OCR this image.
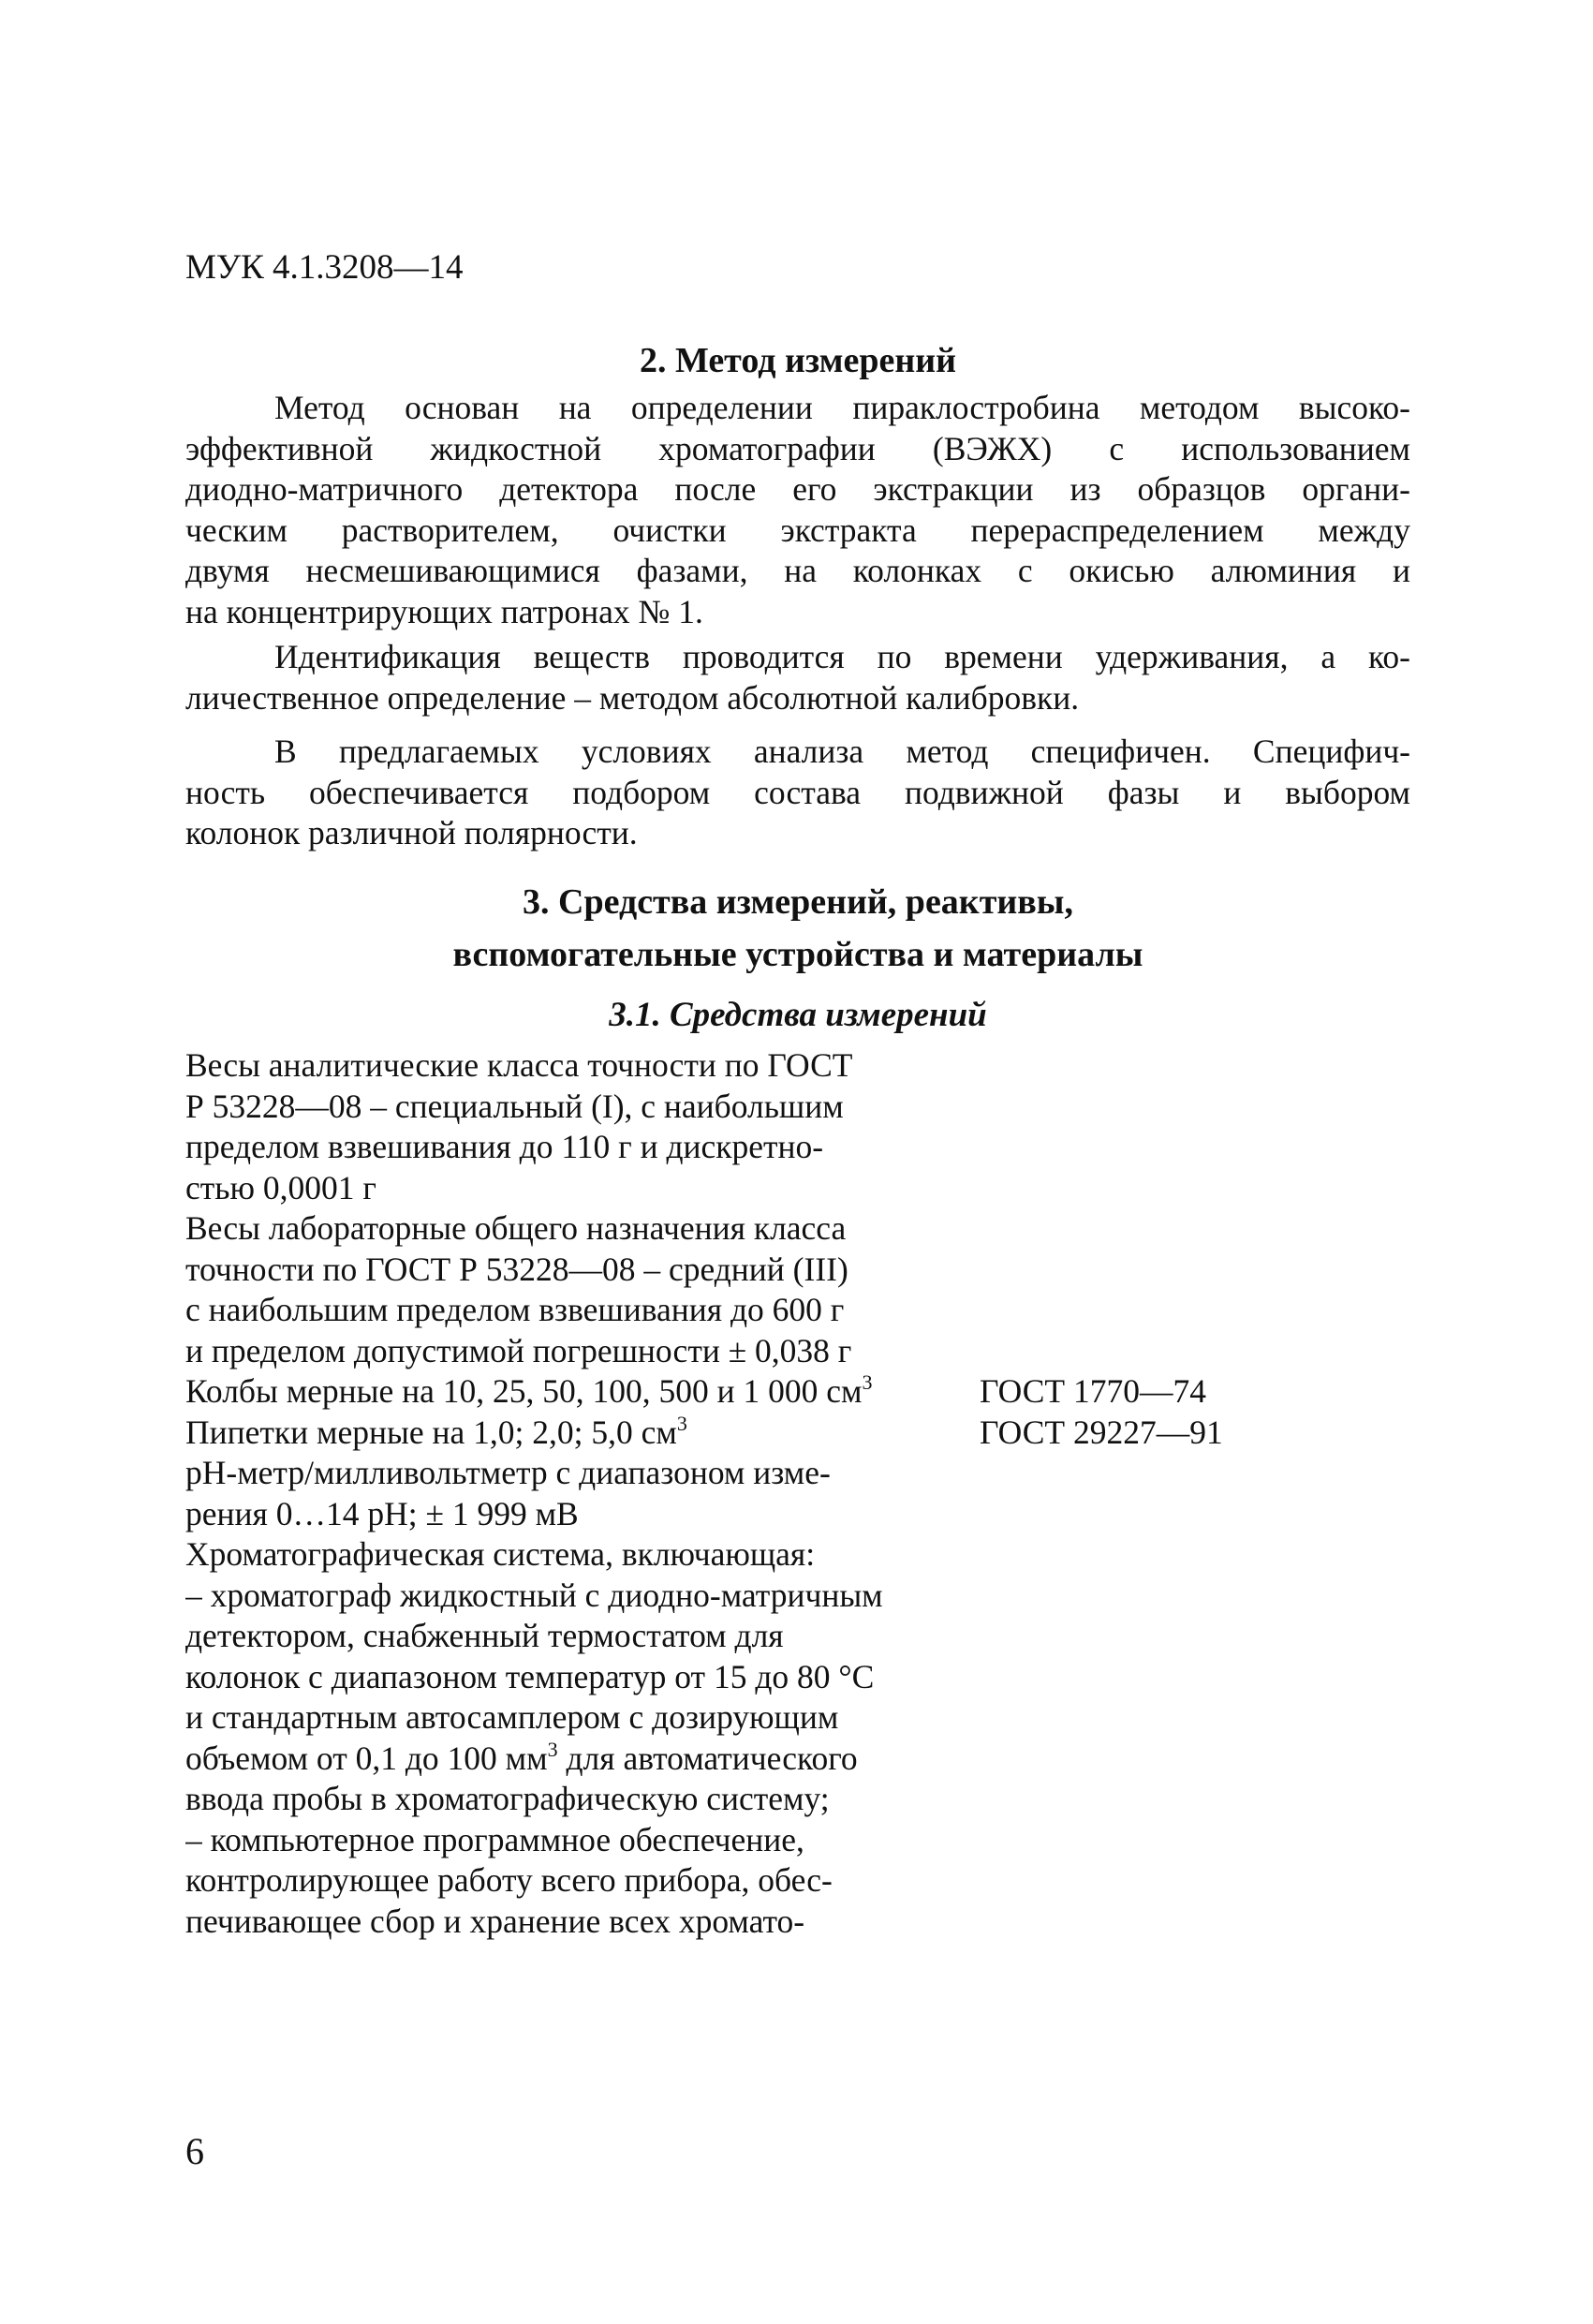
МУК 4.1.3208—14
2. Метод измерений
Метод основан на определении пираклостробина методом высоко-
эффективной жидкостной хроматографии (ВЭЖХ) с использованием
диодно-матричного детектора после его экстракции из образцов органи-
ческим растворителем, очистки экстракта перераспределением между
двумя несмешивающимися фазами, на колонках с окисью алюминия и
на концентрирующих патронах № 1.
Идентификация веществ проводится по времени удерживания, а ко-
личественное определение – методом абсолютной калибровки.
В предлагаемых условиях анализа метод специфичен. Специфич-
ность обеспечивается подбором состава подвижной фазы и выбором
колонок различной полярности.
3. Средства измерений, реактивы,
вспомогательные устройства и материалы
3.1. Средства измерений
Весы аналитические класса точности по ГОСТ
Р 53228—08 – специальный (I), с наибольшим
пределом взвешивания до 110 г и дискретно-
стью 0,0001 г
Весы лабораторные общего назначения класса
точности по ГОСТ Р 53228—08 – средний (III)
с наибольшим пределом взвешивания до 600 г
и пределом допустимой погрешности ± 0,038 г
Колбы мерные на 10, 25, 50, 100, 500 и 1 000 $см^3$	ГОСТ 1770—74
Пипетки мерные на 1,0; 2,0; 5,0 $см^3$	ГОСТ 29227—91
pH-метр/милливольтметр с диапазоном изме-
рения 0…14 pH; ± 1 999 мВ
Хроматографическая система, включающая:
– хроматограф жидкостный с диодно-матричным
детектором, снабженный термостатом для
колонок с диапазоном температур от 15 до 80 °С
и стандартным автосамплером с дозирующим
объемом от 0,1 до 100 $мм^3$ для автоматического
ввода пробы в хроматографическую систему;
– компьютерное программное обеспечение,
контролирующее работу всего прибора, обес-
печивающее сбор и хранение всех хромато-
6
